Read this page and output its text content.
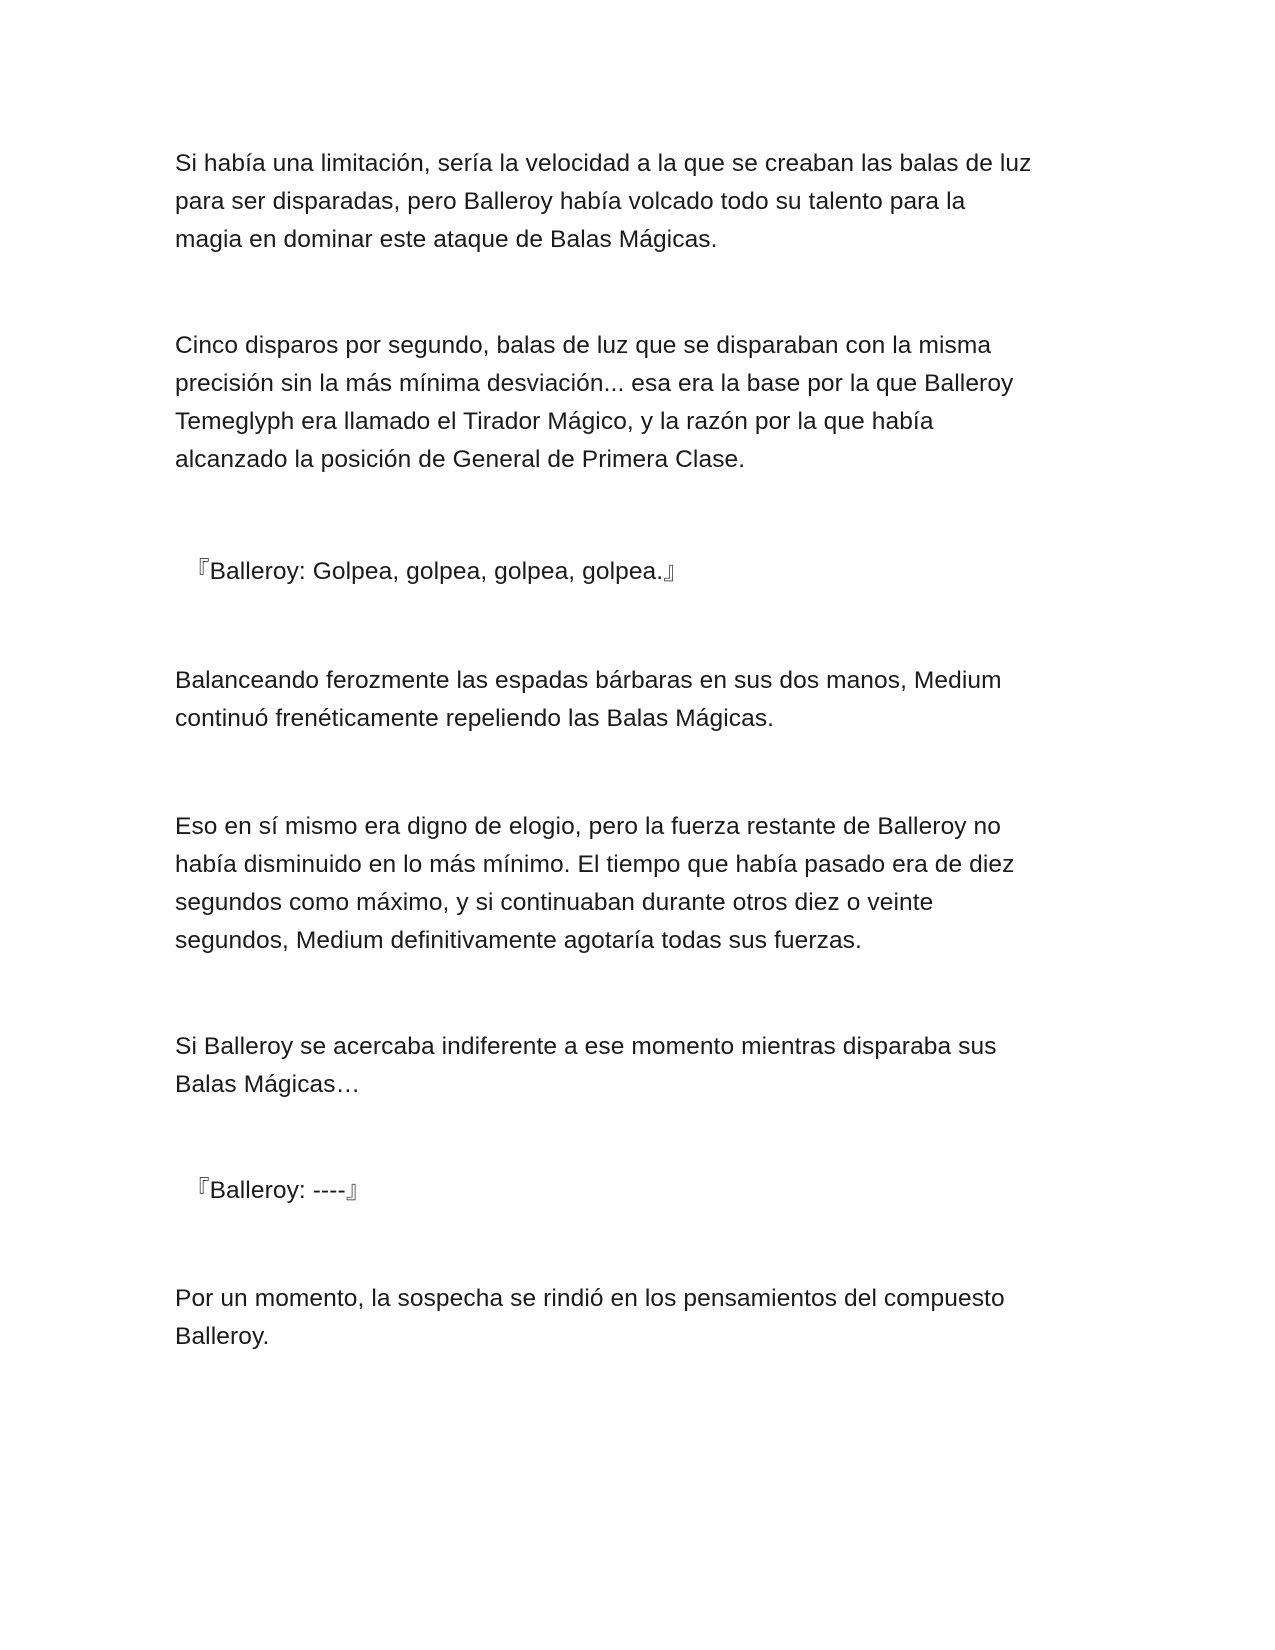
Si había una limitación, sería la velocidad a la que se creaban las balas de luz
para ser disparadas, pero Balleroy había volcado todo su talento para la
magia en dominar este ataque de Balas Mágicas.
Cinco disparos por segundo, balas de luz que se disparaban con la misma
precisión sin la más mínima desviación... esa era la base por la que Balleroy
Temeglyph era llamado el Tirador Mágico, y la razón por la que había
alcanzado la posición de General de Primera Clase.
『Balleroy: Golpea, golpea, golpea, golpea.』
Balanceando ferozmente las espadas bárbaras en sus dos manos, Medium
continuó frenéticamente repeliendo las Balas Mágicas.
Eso en sí mismo era digno de elogio, pero la fuerza restante de Balleroy no
había disminuido en lo más mínimo. El tiempo que había pasado era de diez
segundos como máximo, y si continuaban durante otros diez o veinte
segundos, Medium definitivamente agotaría todas sus fuerzas.
Si Balleroy se acercaba indiferente a ese momento mientras disparaba sus
Balas Mágicas…
『Balleroy: ----』
Por un momento, la sospecha se rindió en los pensamientos del compuesto
Balleroy.
